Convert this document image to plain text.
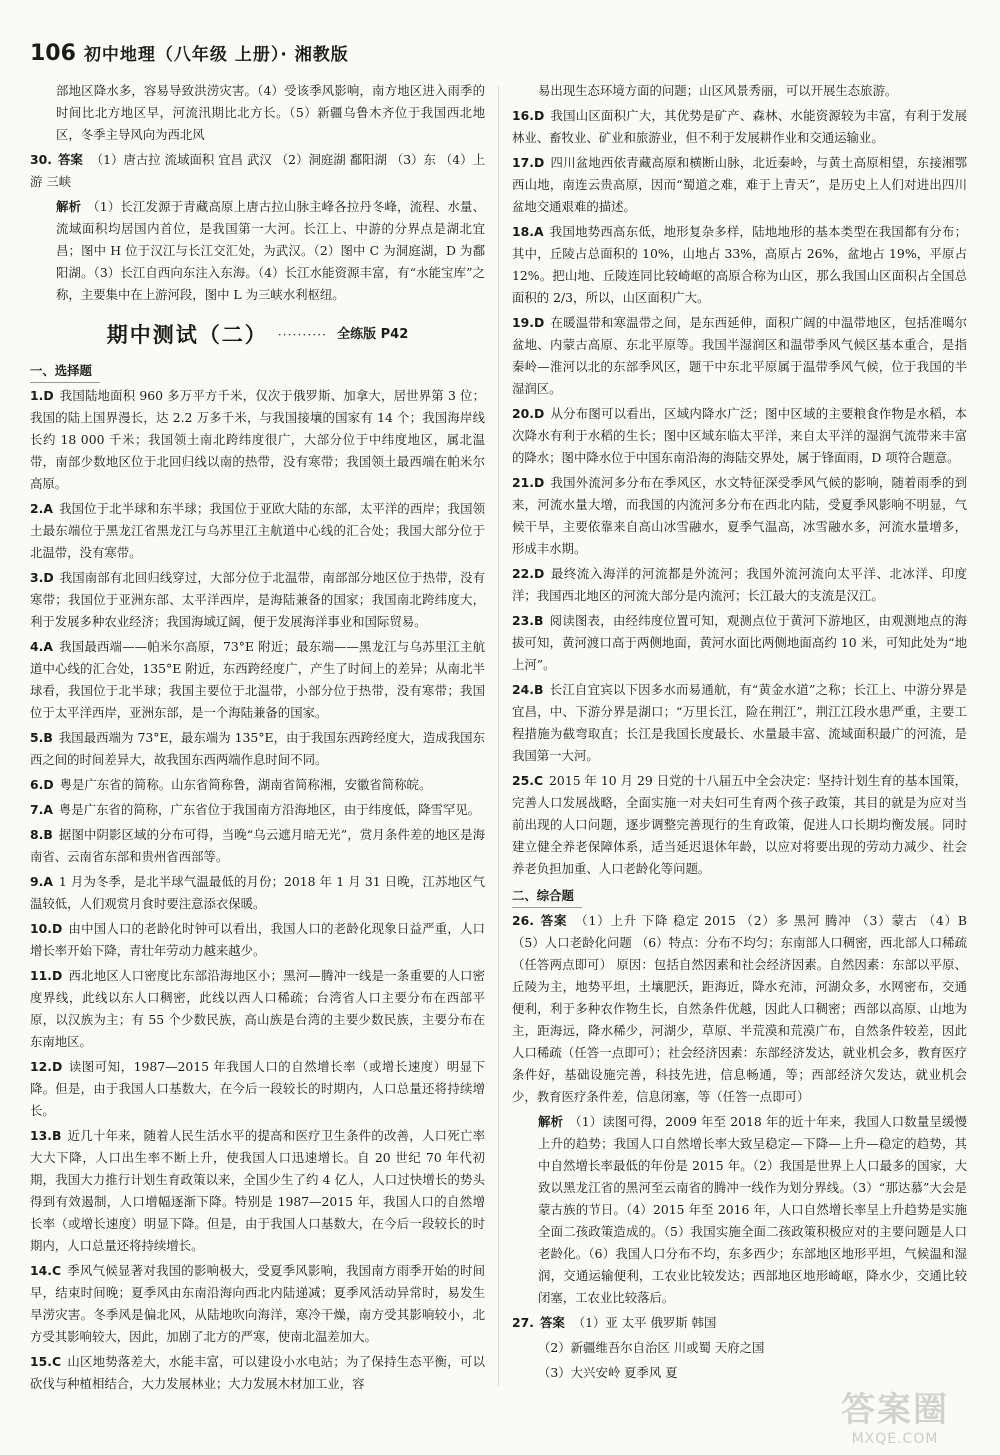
106 初中地理（八年级 上册）· 湘教版
部地区降水多，容易导致洪涝灾害。（4）受该季风影响，南方地区进入雨季的时间比北方地区早，河流汛期比北方长。（5）新疆乌鲁木齐位于我国西北地区，冬季主导风向为西北风
30. 答案 （1）唐古拉 流域面积 宜昌 武汉 （2）洞庭湖 鄱阳湖 （3）东 （4）上游 三峡
解析 （1）长江发源于青藏高原上唐古拉山脉主峰各拉丹冬峰，流程、水量、流域面积均居国内首位，是我国第一大河。长江上、中游的分界点是湖北宜昌；图中 H 位于汉江与长江交汇处，为武汉。（2）图中 C 为洞庭湖，D 为鄱阳湖。（3）长江自西向东注入东海。（4）长江水能资源丰富，有“水能宝库”之称，主要集中在上游河段，图中 L 为三峡水利枢纽。
期中测试（二） ·········· 全练版 P42
一、选择题
1.D 我国陆地面积 960 多万平方千米，仅次于俄罗斯、加拿大，居世界第 3 位；我国的陆上国界漫长，达 2.2 万多千米，与我国接壤的国家有 14 个；我国海岸线长约 18 000 千米；我国领土南北跨纬度很广，大部分位于中纬度地区，属北温带，南部少数地区位于北回归线以南的热带，没有寒带；我国领土最西端在帕米尔高原。
2.A 我国位于北半球和东半球；我国位于亚欧大陆的东部，太平洋的西岸；我国领土最东端位于黑龙江省黑龙江与乌苏里江主航道中心线的汇合处；我国大部分位于北温带，没有寒带。
3.D 我国南部有北回归线穿过，大部分位于北温带，南部部分地区位于热带，没有寒带；我国位于亚洲东部、太平洋西岸，是海陆兼备的国家；我国南北跨纬度大，利于发展多种农业经济；我国海域辽阔，便于发展海洋事业和国际贸易。
4.A 我国最西端——帕米尔高原，73°E 附近；最东端——黑龙江与乌苏里江主航道中心线的汇合处，135°E 附近，东西跨经度广，产生了时间上的差异；从南北半球看，我国位于北半球；我国主要位于北温带，小部分位于热带，没有寒带；我国位于太平洋西岸，亚洲东部，是一个海陆兼备的国家。
5.B 我国最西端为 73°E，最东端为 135°E，由于我国东西跨经度大，造成我国东西之间的时间差异大，故我国东西两端作息时间不同。
6.D 粤是广东省的简称。山东省简称鲁，湖南省简称湘，安徽省简称皖。
7.A 粤是广东省的简称，广东省位于我国南方沿海地区，由于纬度低，降雪罕见。
8.B 据图中阴影区域的分布可得，当晚“乌云遮月暗无光”，赏月条件差的地区是海南省、云南省东部和贵州省西部等。
9.A 1 月为冬季，是北半球气温最低的月份；2018 年 1 月 31 日晚，江苏地区气温较低，人们观赏月食时要注意添衣保暖。
10.D 由中国人口的老龄化时钟可以看出，我国人口的老龄化现象日益严重，人口增长率开始下降，青壮年劳动力越来越少。
11.D 西北地区人口密度比东部沿海地区小；黑河—腾冲一线是一条重要的人口密度界线，此线以东人口稠密，此线以西人口稀疏；台湾省人口主要分布在西部平原，以汉族为主；有 55 个少数民族，高山族是台湾的主要少数民族，主要分布在东南地区。
12.D 读图可知，1987—2015 年我国人口的自然增长率（或增长速度）明显下降。但是，由于我国人口基数大，在今后一段较长的时期内，人口总量还将持续增长。
13.B 近几十年来，随着人民生活水平的提高和医疗卫生条件的改善，人口死亡率大大下降，人口出生率不断上升，使我国人口迅速增长。自 20 世纪 70 年代初期，我国大力推行计划生育政策以来，全国少生了约 4 亿人，人口过快增长的势头得到有效遏制，人口增幅逐渐下降。特别是 1987—2015 年，我国人口的自然增长率（或增长速度）明显下降。但是，由于我国人口基数大，在今后一段较长的时期内，人口总量还将持续增长。
14.C 季风气候显著对我国的影响极大，受夏季风影响，我国南方雨季开始的时间早，结束时间晚；夏季风由东南沿海向西北内陆递减；夏季风活动异常时，易发生旱涝灾害。冬季风是偏北风，从陆地吹向海洋，寒冷干燥，南方受其影响较小，北方受其影响较大，因此，加剧了北方的严寒，使南北温差加大。
15.C 山区地势落差大，水能丰富，可以建设小水电站；为了保持生态平衡，可以砍伐与种植相结合，大力发展林业；大力发展木材加工业，容
易出现生态环境方面的问题；山区风景秀丽，可以开展生态旅游。
16.D 我国山区面积广大，其优势是矿产、森林、水能资源较为丰富，有利于发展林业、畜牧业、矿业和旅游业，但不利于发展耕作业和交通运输业。
17.D 四川盆地西依青藏高原和横断山脉，北近秦岭，与黄土高原相望，东接湘鄂西山地，南连云贵高原，因而“蜀道之难，难于上青天”，是历史上人们对进出四川盆地交通艰难的描述。
18.A 我国地势西高东低，地形复杂多样，陆地地形的基本类型在我国都有分布；其中，丘陵占总面积的 10%，山地占 33%，高原占 26%，盆地占 19%，平原占 12%。把山地、丘陵连同比较崎岖的高原合称为山区，那么我国山区面积占全国总面积的 2/3，所以，山区面积广大。
19.D 在暖温带和寒温带之间，是东西延伸，面积广阔的中温带地区，包括准噶尔盆地、内蒙古高原、东北平原等。我国半湿润区和温带季风气候区基本重合，是指秦岭—淮河以北的东部季风区，题干中东北平原属于温带季风气候，位于我国的半湿润区。
20.D 从分布图可以看出，区域内降水广泛；图中区域的主要粮食作物是水稻，本次降水有利于水稻的生长；图中区域东临太平洋，来自太平洋的湿润气流带来丰富的降水；图中降水位于中国东南沿海的海陆交界处，属于锋面雨，D 项符合题意。
21.D 我国外流河多分布在季风区，水文特征深受季风气候的影响，随着雨季的到来，河流水量大增，而我国的内流河多分布在西北内陆，受夏季风影响不明显，气候干旱，主要依靠来自高山冰雪融水，夏季气温高，冰雪融水多，河流水量增多，形成丰水期。
22.D 最终流入海洋的河流都是外流河；我国外流河流向太平洋、北冰洋、印度洋；我国西北地区的河流大部分是内流河；长江最大的支流是汉江。
23.B 阅读图表，由经纬度位置可知，观测点位于黄河下游地区，由观测地点的海拔可知，黄河渡口高于两侧地面，黄河水面比两侧地面高约 10 米，可知此处为“地上河”。
24.B 长江自宜宾以下因多水而易通航，有“黄金水道”之称；长江上、中游分界是宜昌，中、下游分界是湖口；“万里长江，险在荆江”，荆江江段水患严重，主要工程措施为截弯取直；长江是我国长度最长、水量最丰富、流域面积最广的河流，是我国第一大河。
25.C 2015 年 10 月 29 日党的十八届五中全会决定：坚持计划生育的基本国策，完善人口发展战略，全面实施一对夫妇可生育两个孩子政策，其目的就是为应对当前出现的人口问题，逐步调整完善现行的生育政策，促进人口长期均衡发展。同时建立健全养老保障体系，适当延迟退休年龄，以应对将要出现的劳动力减少、社会养老负担加重、人口老龄化等问题。
二、综合题
26. 答案 （1）上升 下降 稳定 2015 （2）多 黑河 腾冲 （3）蒙古 （4）B （5）人口老龄化问题 （6）特点：分布不均匀；东南部人口稠密，西北部人口稀疏（任答两点即可） 原因：包括自然因素和社会经济因素。自然因素：东部以平原、丘陵为主，地势平坦，土壤肥沃，距海近，降水充沛，河湖众多，水网密布，交通便利，利于多种农作物生长，自然条件优越，因此人口稠密；西部以高原、山地为主，距海远，降水稀少，河湖少，草原、半荒漠和荒漠广布，自然条件较差，因此人口稀疏（任答一点即可）；社会经济因素：东部经济发达，就业机会多，教育医疗条件好，基础设施完善，科技先进，信息畅通，等；西部经济欠发达，就业机会少，教育医疗条件差，信息闭塞，等（任答一点即可）
解析 （1）读图可得，2009 年至 2018 年的近十年来，我国人口数量呈缓慢上升的趋势；我国人口自然增长率大致呈稳定—下降—上升—稳定的趋势，其中自然增长率最低的年份是 2015 年。（2）我国是世界上人口最多的国家，大致以黑龙江省的黑河至云南省的腾冲一线作为划分界线。（3）“那达慕”大会是蒙古族的节日。（4）2015 年至 2016 年，人口自然增长率呈上升趋势是实施全面二孩政策造成的。（5）我国实施全面二孩政策积极应对的主要问题是人口老龄化。（6）我国人口分布不均，东多西少；东部地区地形平坦，气候温和湿润，交通运输便利，工农业比较发达；西部地区地形崎岖，降水少，交通比较闭塞，工农业比较落后。
27. 答案 （1）亚 太平 俄罗斯 韩国
（2）新疆维吾尔自治区 川或蜀 天府之国
（3）大兴安岭 夏季风 夏
答案圈
MXQE.COM
